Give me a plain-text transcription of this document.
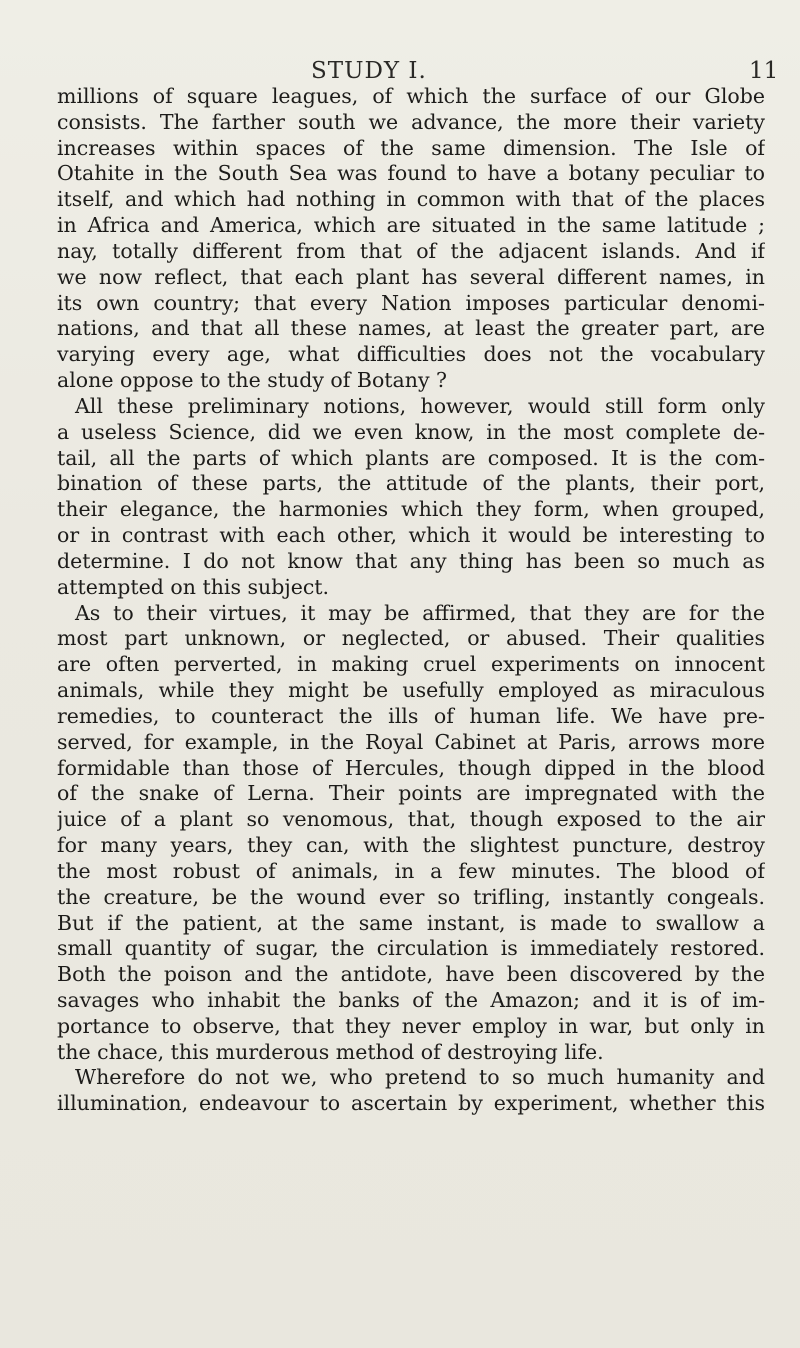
STUDY I.	11
millions of square leagues, of which the surface of our Globe
consists. The farther south we advance, the more their variety
increases within spaces of the same dimension. The Isle of
Otahite in the South Sea was found to have a botany peculiar to
itself, and which had nothing in common with that of the places
in Africa and America, which are situated in the same latitude ;
nay, totally different from that of the adjacent islands. And if
we now reflect, that each plant has several different names, in
its own country; that every Nation imposes particular denomi-
nations, and that all these names, at least the greater part, are
varying every age, what difficulties does not the vocabulary
alone oppose to the study of Botany ?
All these preliminary notions, however, would still form only
a useless Science, did we even know, in the most complete de-
tail, all the parts of which plants are composed. It is the com-
bination of these parts, the attitude of the plants, their port,
their elegance, the harmonies which they form, when grouped,
or in contrast with each other, which it would be interesting to
determine. I do not know that any thing has been so much as
attempted on this subject.
As to their virtues, it may be affirmed, that they are for the
most part unknown, or neglected, or abused. Their qualities
are often perverted, in making cruel experiments on innocent
animals, while they might be usefully employed as miraculous
remedies, to counteract the ills of human life. We have pre-
served, for example, in the Royal Cabinet at Paris, arrows more
formidable than those of Hercules, though dipped in the blood
of the snake of Lerna. Their points are impregnated with the
juice of a plant so venomous, that, though exposed to the air
for many years, they can, with the slightest puncture, destroy
the most robust of animals, in a few minutes. The blood of
the creature, be the wound ever so trifling, instantly congeals.
But if the patient, at the same instant, is made to swallow a
small quantity of sugar, the circulation is immediately restored.
Both the poison and the antidote, have been discovered by the
savages who inhabit the banks of the Amazon; and it is of im-
portance to observe, that they never employ in war, but only in
the chace, this murderous method of destroying life.
Wherefore do not we, who pretend to so much humanity and
illumination, endeavour to ascertain by experiment, whether this
